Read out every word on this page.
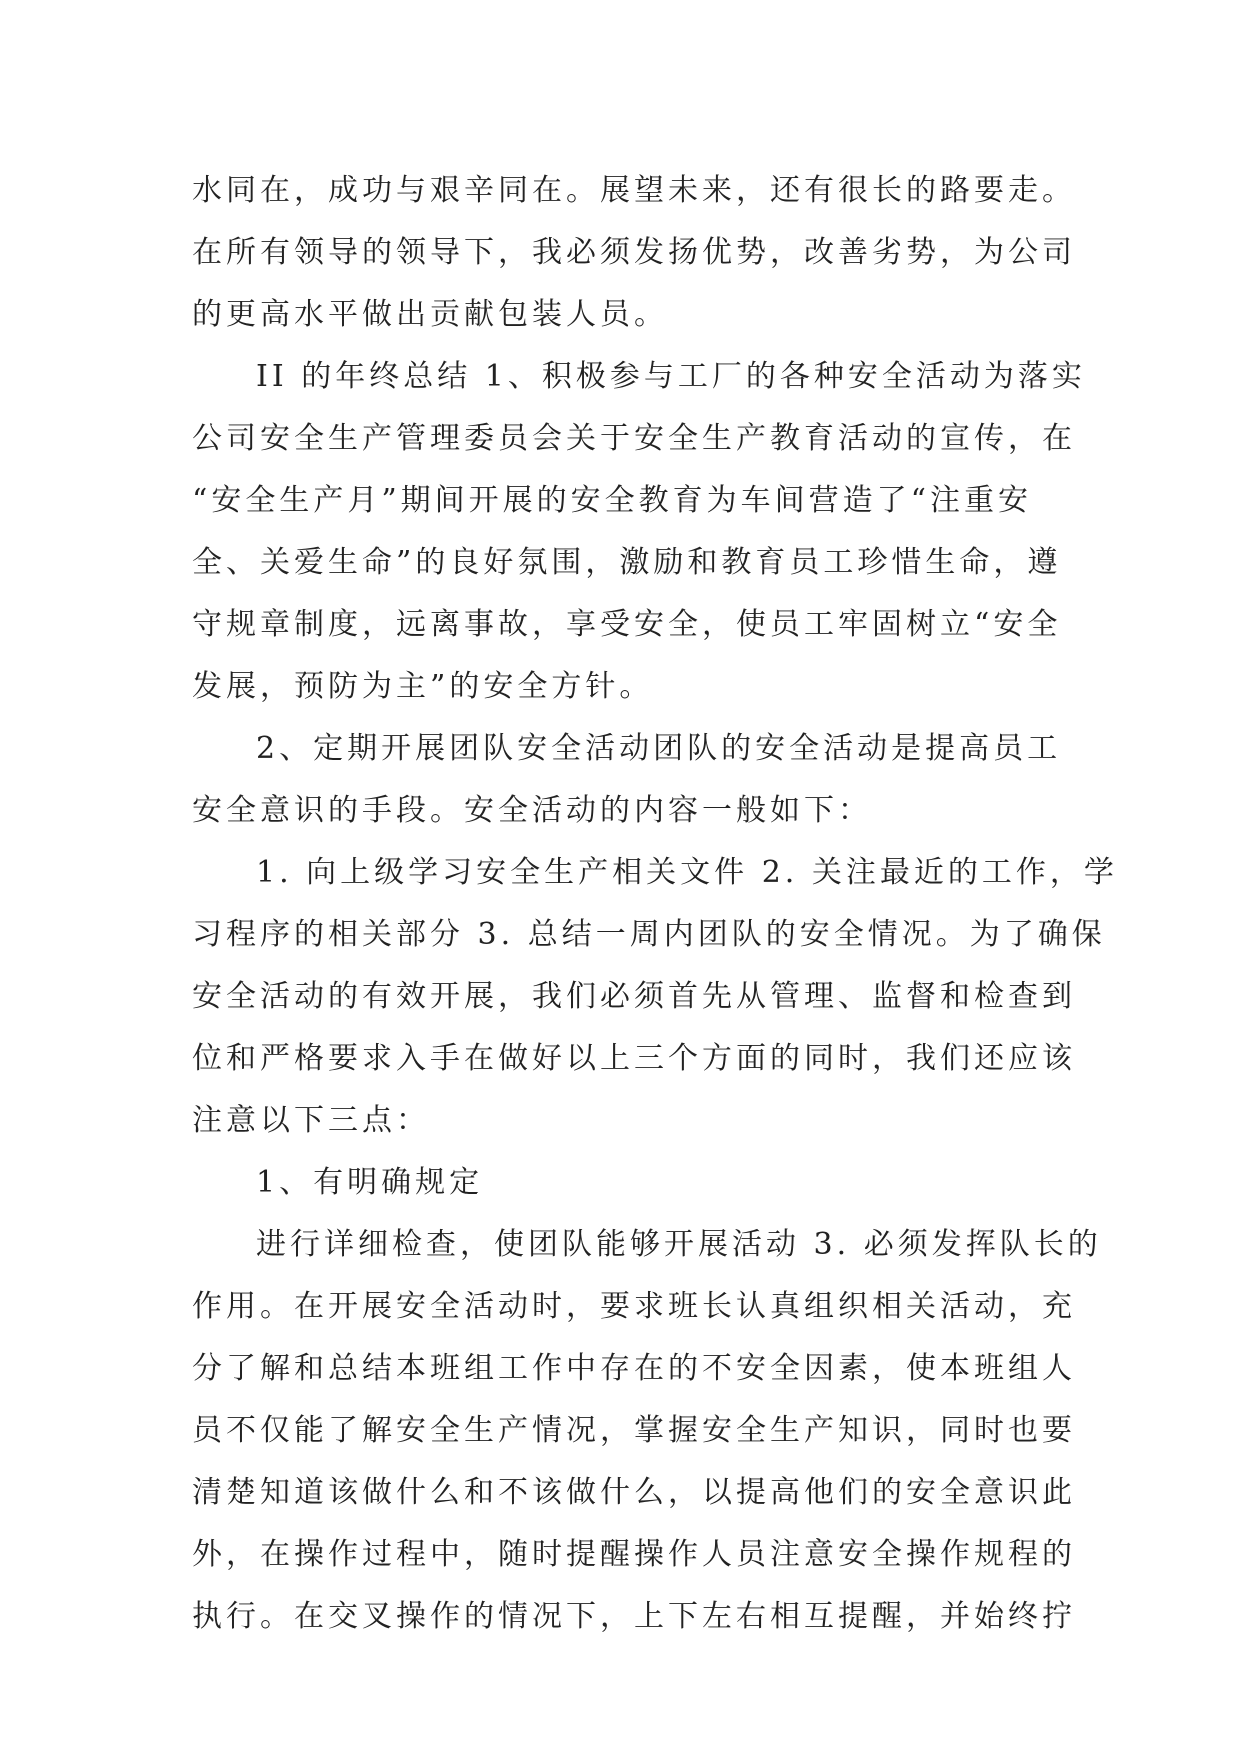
水同在，成功与艰辛同在。展望未来，还有很长的路要走。
在所有领导的领导下，我必须发扬优势，改善劣势，为公司
的更高水平做出贡献包装人员。
II 的年终总结 1、积极参与工厂的各种安全活动为落实
公司安全生产管理委员会关于安全生产教育活动的宣传，在
“安全生产月”期间开展的安全教育为车间营造了“注重安
全、关爱生命”的良好氛围，激励和教育员工珍惜生命，遵
守规章制度，远离事故，享受安全，使员工牢固树立“安全
发展，预防为主”的安全方针。
2、定期开展团队安全活动团队的安全活动是提高员工
安全意识的手段。安全活动的内容一般如下：
1. 向上级学习安全生产相关文件 2. 关注最近的工作，学
习程序的相关部分 3. 总结一周内团队的安全情况。为了确保
安全活动的有效开展，我们必须首先从管理、监督和检查到
位和严格要求入手在做好以上三个方面的同时，我们还应该
注意以下三点：
1、有明确规定
进行详细检查，使团队能够开展活动 3. 必须发挥队长的
作用。在开展安全活动时，要求班长认真组织相关活动，充
分了解和总结本班组工作中存在的不安全因素，使本班组人
员不仅能了解安全生产情况，掌握安全生产知识，同时也要
清楚知道该做什么和不该做什么，以提高他们的安全意识此
外，在操作过程中，随时提醒操作人员注意安全操作规程的
执行。在交叉操作的情况下，上下左右相互提醒，并始终拧
